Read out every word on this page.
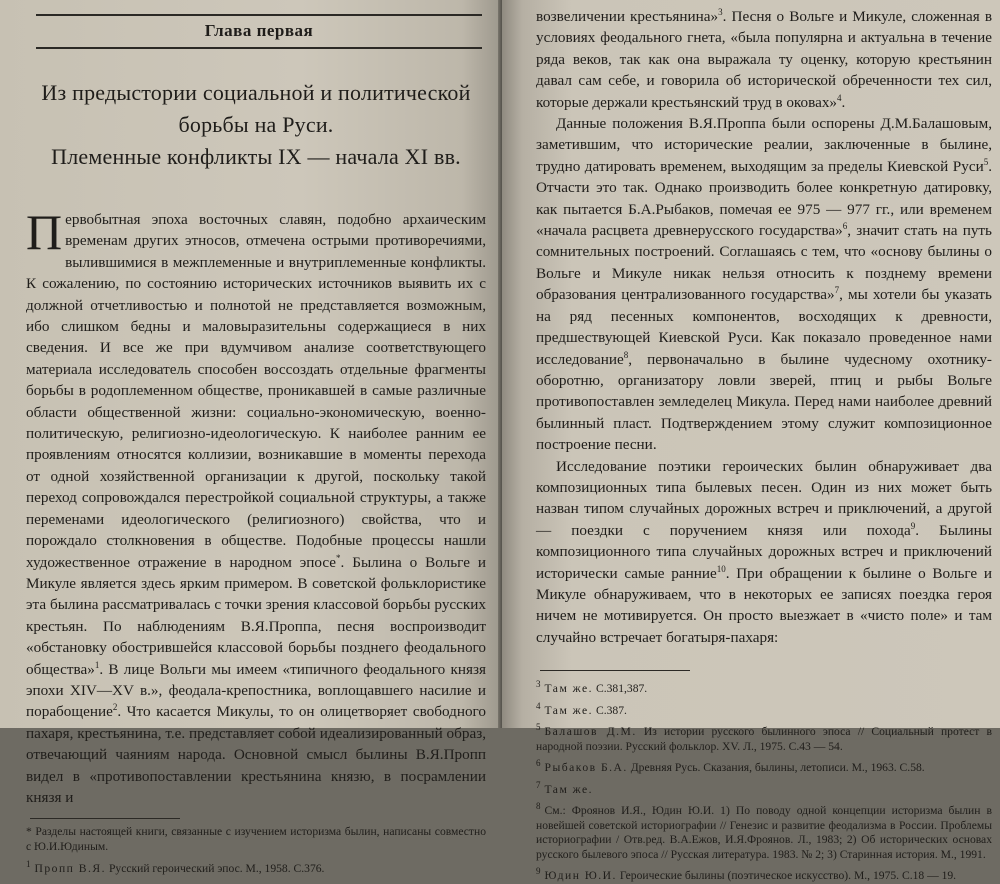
Глава первая

Из предыстории социальной и политической

борьбы на Руси.

Племенные конфликты IX — начала XI вв.

Первобытная эпоха восточных славян, подобно архаическим временам других этносов, отмечена острыми противоречиями, вылившимися в межплеменные и внутриплеменные конфликты. К сожалению, по состоянию исторических источников выявить их с должной отчетливостью и полнотой не представляется возможным, ибо слишком бедны и маловыразительны содержащиеся в них сведения. И все же при вдумчивом анализе соответствующего материала исследователь способен воссоздать отдельные фрагменты борьбы в родоплеменном обществе, проникавшей в самые различные области общественной жизни: социально-экономическую, военно-политическую, религиозно-идеологическую. К наиболее ранним ее проявлениям относятся коллизии, возникавшие в моменты перехода от одной хозяйственной организации к другой, поскольку такой переход сопровождался перестройкой социальной структуры, а также переменами идеологического (религиозного) свойства, что и порождало столкновения в обществе. Подобные процессы нашли художественное отражение в народном эпосе*. Былина о Вольге и Микуле является здесь ярким примером. В советской фольклористике эта былина рассматривалась с точки зрения классовой борьбы русских крестьян. По наблюдениям В.Я.Проппа, песня воспроизводит «обстановку обострившейся классовой борьбы позднего феодального общества»$^1$. В лице Вольги мы имеем «типичного феодального князя эпохи XIV—XV в.», феодала-крепостника, воплощавшего насилие и порабощение$^2$. Что касается Микулы, то он олицетворяет свободного пахаря, крестьянина, т.е. представляет собой идеализированный образ, отвечающий чаяниям народа. Основной смысл былины В.Я.Пропп видел в «противопоставлении крестьянина князю, в посрамлении князя и

* Разделы настоящей книги, связанные с изучением историзма былин, написаны совместно с Ю.И.Юдиным.

$^1$ Пропп В.Я. Русский героический эпос. М., 1958. С.376.

возвеличении крестьянина»$^3$. Песня о Вольге и Микуле, сложенная в условиях феодального гнета, «была популярна и актуальна в течение ряда веков, так как она выражала ту оценку, которую крестьянин давал сам себе, и говорила об исторической обреченности тех сил, которые держали крестьянский труд в оковах»$^4$.

Данные положения В.Я.Проппа были оспорены Д.М.Балашовым, заметившим, что исторические реалии, заключенные в былине, трудно датировать временем, выходящим за пределы Киевской Руси$^5$. Отчасти это так. Однако производить более конкретную датировку, как пытается Б.А.Рыбаков, помечая ее 975 — 977 гг., или временем «начала расцвета древнерусского государства»$^6$, значит стать на путь сомнительных построений. Соглашаясь с тем, что «основу былины о Вольге и Микуле никак нельзя относить к позднему времени образования централизованного государства»$^7$, мы хотели бы указать на ряд песенных компонентов, восходящих к древности, предшествующей Киевской Руси. Как показало проведенное нами исследование$^8$, первоначально в былине чудесному охотнику-оборотню, организатору ловли зверей, птиц и рыбы Вольге противопоставлен земледелец Микула. Перед нами наиболее древний былинный пласт. Подтверждением этому служит композиционное построение песни.

Исследование поэтики героических былин обнаруживает два композиционных типа былевых песен. Один из них может быть назван типом случайных дорожных встреч и приключений, а другой — поездки с поручением князя или похода$^9$. Былины композиционного типа случайных дорожных встреч и приключений исторически самые ранние$^{10}$. При обращении к былине о Вольге и Микуле обнаруживаем, что в некоторых ее записях поездка героя ничем не мотивируется. Он просто выезжает в «чисто поле» и там случайно встречает богатыря-пахаря:

$^3$ Там же. С.381,387.

$^4$ Там же. С.387.

$^5$ Балашов Д.М. Из истории русского былинного эпоса // Социальный протест в народной поэзии. Русский фольклор. XV. Л., 1975. С.43 — 54.

$^6$ Рыбаков Б.А. Древняя Русь. Сказания, былины, летописи. М., 1963. С.58.

$^7$ Там же.

$^8$ См.: Фроянов И.Я., Юдин Ю.И. 1) По поводу одной концепции историзма былин в новейшей советской историографии // Генезис и развитие феодализма в России. Проблемы историографии / Отв.ред. В.А.Ежов, И.Я.Фроянов. Л., 1983; 2) Об исторических основах русского былевого эпоса // Русская литература. 1983. № 2; 3) Старинная история. М., 1991.

$^9$ Юдин Ю.И. Героические былины (поэтическое искусство). М., 1975. С.18 — 19.
